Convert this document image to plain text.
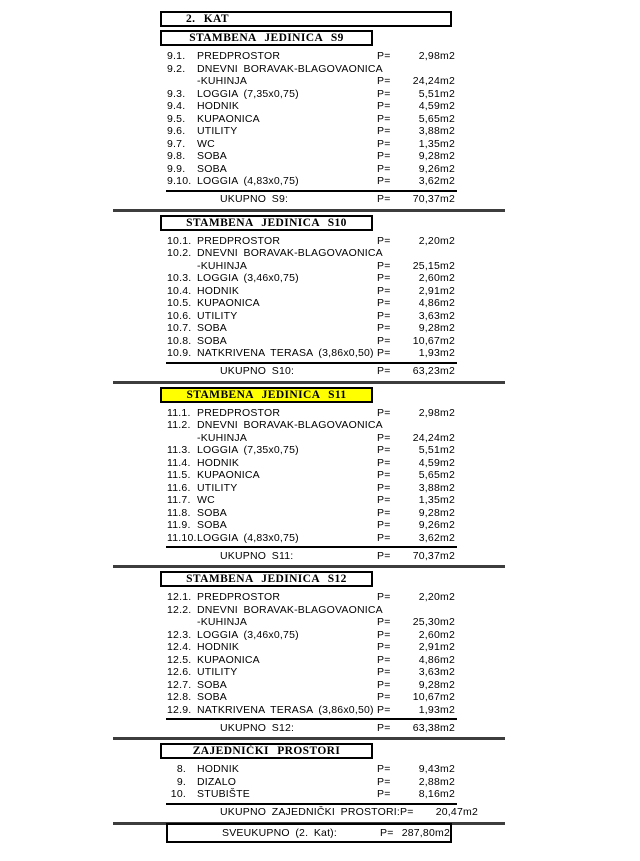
2. KAT
STAMBENA JEDINICA S9
9.1.	PREDPROSTOR	P=	2,98m2
9.2.	DNEVNI BORAVAK-BLAGOVAONICA
-KUHINJA	P=	24,24m2
9.3.	LOGGIA (7,35x0,75)	P=	5,51m2
9.4.	HODNIK	P=	4,59m2
9.5.	KUPAONICA	P=	5,65m2
9.6.	UTILITY	P=	3,88m2
9.7.	WC	P=	1,35m2
9.8.	SOBA	P=	9,28m2
9.9.	SOBA	P=	9,26m2
9.10. LOGGIA (4,83x0,75)	P=	3,62m2
UKUPNO S9:	P=	70,37m2
STAMBENA JEDINICA S10
10.1. PREDPROSTOR	P=	2,20m2
10.2. DNEVNI BORAVAK-BLAGOVAONICA
-KUHINJA	P=	25,15m2
10.3. LOGGIA (3,46x0,75)	P=	2,60m2
10.4. HODNIK	P=	2,91m2
10.5. KUPAONICA	P=	4,86m2
10.6. UTILITY	P=	3,63m2
10.7. SOBA	P=	9,28m2
10.8. SOBA	P=	10,67m2
10.9. NATKRIVENA TERASA (3,86x0,50) P=	1,93m2
UKUPNO S10:	P=	63,23m2
STAMBENA JEDINICA S11
11.1. PREDPROSTOR	P=	2,98m2
11.2. DNEVNI BORAVAK-BLAGOVAONICA
-KUHINJA	P=	24,24m2
11.3. LOGGIA (7,35x0,75)	P=	5,51m2
11.4. HODNIK	P=	4,59m2
11.5. KUPAONICA	P=	5,65m2
11.6. UTILITY	P=	3,88m2
11.7. WC	P=	1,35m2
11.8. SOBA	P=	9,28m2
11.9. SOBA	P=	9,26m2
11.10. LOGGIA (4,83x0,75)	P=	3,62m2
UKUPNO S11:	P=	70,37m2
STAMBENA JEDINICA S12
12.1. PREDPROSTOR	P=	2,20m2
12.2. DNEVNI BORAVAK-BLAGOVAONICA
-KUHINJA	P=	25,30m2
12.3. LOGGIA (3,46x0,75)	P=	2,60m2
12.4. HODNIK	P=	2,91m2
12.5. KUPAONICA	P=	4,86m2
12.6. UTILITY	P=	3,63m2
12.7. SOBA	P=	9,28m2
12.8. SOBA	P=	10,67m2
12.9. NATKRIVENA TERASA (3,86x0,50) P=	1,93m2
UKUPNO S12:	P=	63,38m2
ZAJEDNIČKI PROSTORI
8. HODNIK	P=	9,43m2
9. DIZALO	P=	2,88m2
10. STUBIŠTE	P=	8,16m2
UKUPNO ZAJEDNIČKI PROSTORI: P=	20,47m2
SVEUKUPNO (2. Kat):	P= 287,80m2
